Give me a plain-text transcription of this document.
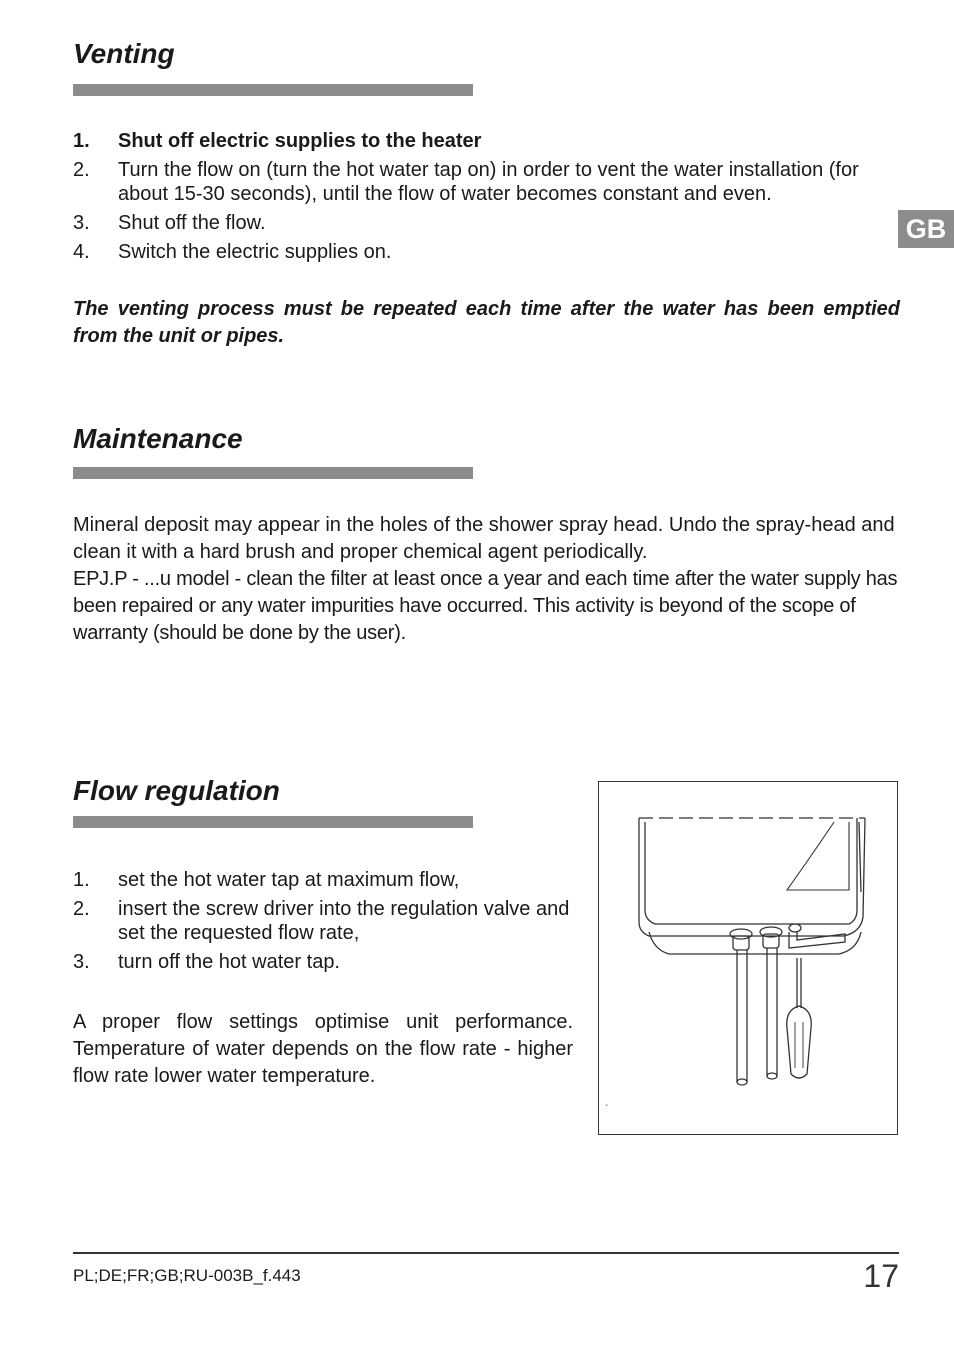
Venting
GB
1.	Shut off electric supplies to the heater
2.	Turn the flow on (turn the hot water tap on) in order to vent the water installation (for about 15-30 seconds), until the flow of water becomes constant and even.
3.	Shut off the flow.
4.	Switch the electric supplies on.

The venting process must be repeated each time after the water has been emptied from the unit or pipes.

Maintenance

Mineral deposit may appear in the holes of the shower spray head. Undo the spray-head and clean it with a hard brush and proper chemical agent periodically.

EPJ.P - ...u model - clean the filter at least once a year and each time after the water supply has been repaired or any water impurities have occurred. This activity is beyond of the scope of warranty (should be done by the user).

Flow regulation
1.	set the hot water tap at maximum flow,
2.	insert the screw driver into the regulation valve and set the requested flow rate,
3.	turn off the hot water tap.

A proper flow settings optimise unit performance. Temperature of water depends on the flow rate - higher flow rate lower water temperature.

`
PL;DE;FR;GB;RU-003B_f.443	17
